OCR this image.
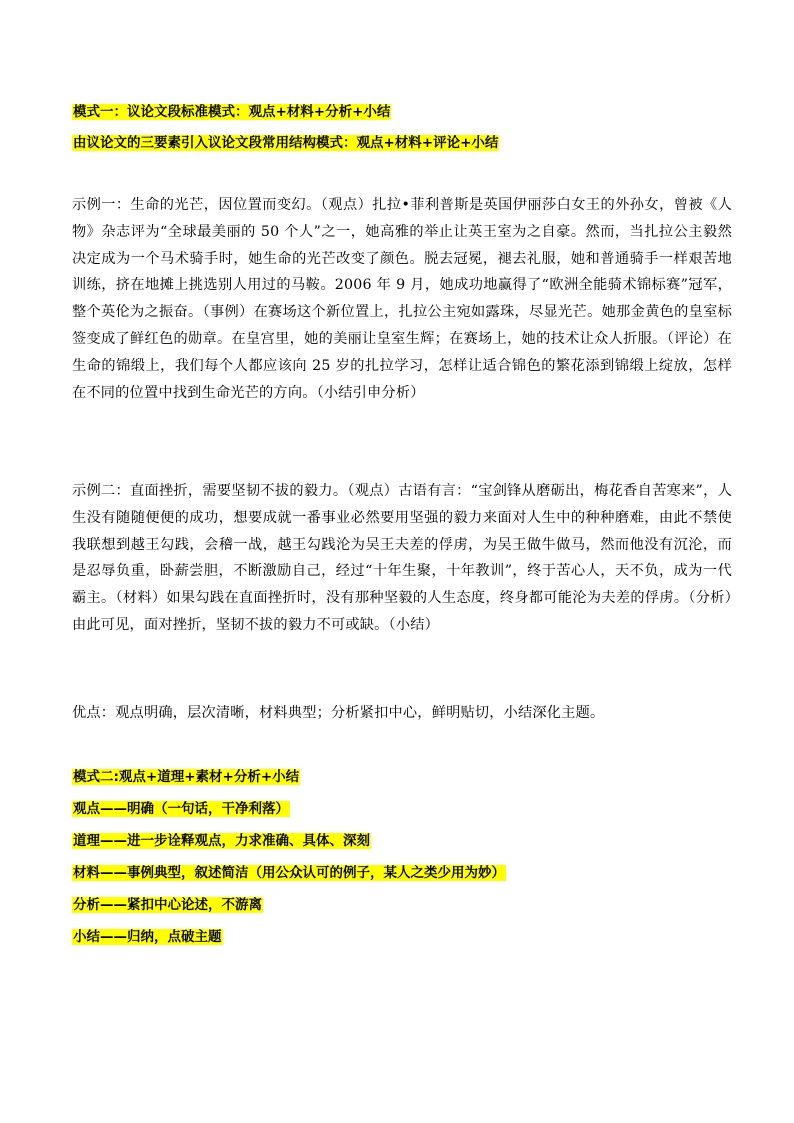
模式一：议论文段标准模式：观点+材料+分析+小结
由议论文的三要素引入议论文段常用结构模式：观点+材料+评论+小结
示例一：生命的光芒，因位置而变幻。（观点）扎拉•菲利普斯是英国伊丽莎白女王的外孙女，曾被《人物》杂志评为“全球最美丽的 50 个人”之一，她高雅的举止让英王室为之自豪。然而，当扎拉公主毅然决定成为一个马术骑手时，她生命的光芒改变了颜色。脱去冠冕，褪去礼服，她和普通骑手一样艰苦地训练，挤在地摊上挑选别人用过的马鞍。2006 年 9 月，她成功地赢得了“欧洲全能骑术锦标赛”冠军，整个英伦为之振奋。（事例）在赛场这个新位置上，扎拉公主宛如露珠，尽显光芒。她那金黄色的皇室标签变成了鲜红色的勋章。在皇宫里，她的美丽让皇室生辉；在赛场上，她的技术让众人折服。（评论）在生命的锦缎上，我们每个人都应该向 25 岁的扎拉学习，怎样让适合锦色的繁花添到锦缎上绽放，怎样在不同的位置中找到生命光芒的方向。（小结引申分析）
示例二：直面挫折，需要坚韧不拔的毅力。（观点）古语有言：“宝剑锋从磨砺出，梅花香自苦寒来”，人生没有随随便便的成功，想要成就一番事业必然要用坚强的毅力来面对人生中的种种磨难，由此不禁使我联想到越王勾践，会稽一战，越王勾践沦为吴王夫差的俘虏，为吴王做牛做马，然而他没有沉沦，而是忍辱负重，卧薪尝胆，不断激励自己，经过“十年生聚，十年教训”，终于苦心人，天不负，成为一代霸主。（材料）如果勾践在直面挫折时，没有那种坚毅的人生态度，终身都可能沦为夫差的俘虏。（分析）由此可见，面对挫折，坚韧不拔的毅力不可或缺。（小结）
优点：观点明确，层次清晰，材料典型；分析紧扣中心，鲜明贴切，小结深化主题。
模式二:观点+道理+素材+分析+小结
观点——明确（一句话，干净利落）
道理——进一步诠释观点，力求准确、具体、深刻
材料——事例典型，叙述简洁（用公众认可的例子，某人之类少用为妙）
分析——紧扣中心论述，不游离
小结——归纳，点破主题
